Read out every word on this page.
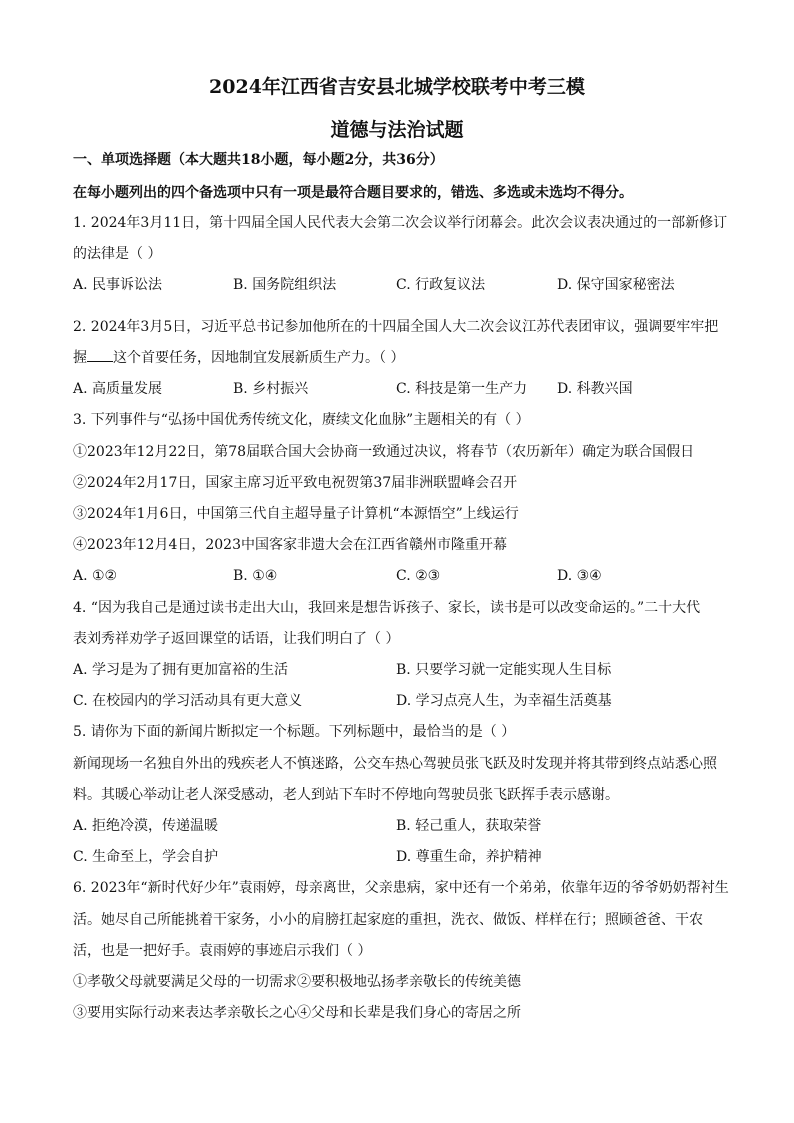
2024年江西省吉安县北城学校联考中考三模
道德与法治试题
一、单项选择题（本大题共18小题，每小题2分，共36分）
在每小题列出的四个备选项中只有一项是最符合题目要求的，错选、多选或未选均不得分。
1. 2024年3月11日，第十四届全国人民代表大会第二次会议举行闭幕会。此次会议表决通过的一部新修订
的法律是（ ）
A. 民事诉讼法	B. 国务院组织法	C. 行政复议法	D. 保守国家秘密法
2. 2024年3月5日，习近平总书记参加他所在的十四届全国人大二次会议江苏代表团审议，强调要牢牢把
握 这个首要任务，因地制宜发展新质生产力。（ ）
A. 高质量发展	B. 乡村振兴	C. 科技是第一生产力 D. 科教兴国
3. 下列事件与“弘扬中国优秀传统文化，赓续文化血脉”主题相关的有（ ）
①2023年12月22日，第78届联合国大会协商一致通过决议，将春节（农历新年）确定为联合国假日
②2024年2月17日，国家主席习近平致电祝贺第37届非洲联盟峰会召开
③2024年1月6日，中国第三代自主超导量子计算机“本源悟空”上线运行
④2023年12月4日，2023中国客家非遗大会在江西省赣州市隆重开幕
A. ①②	B. ①④	C. ②③	D. ③④
4. “因为我自己是通过读书走出大山，我回来是想告诉孩子、家长，读书是可以改变命运的。”二十大代
表刘秀祥劝学子返回课堂的话语，让我们明白了（ ）
A. 学习是为了拥有更加富裕的生活	B. 只要学习就一定能实现人生目标
C. 在校园内的学习活动具有更大意义	D. 学习点亮人生，为幸福生活奠基
5. 请你为下面的新闻片断拟定一个标题。下列标题中，最恰当的是（ ）
新闻现场一名独自外出的残疾老人不慎迷路，公交车热心驾驶员张飞跃及时发现并将其带到终点站悉心照
料。其暖心举动让老人深受感动，老人到站下车时不停地向驾驶员张飞跃挥手表示感谢。
A. 拒绝冷漠，传递温暖	B. 轻己重人，获取荣誉
C. 生命至上，学会自护	D. 尊重生命，养护精神
6. 2023年“新时代好少年”袁雨婷，母亲离世，父亲患病，家中还有一个弟弟，依靠年迈的爷爷奶奶帮衬生
活。她尽自己所能挑着干家务，小小的肩膀扛起家庭的重担，洗衣、做饭、样样在行；照顾爸爸、干农
活，也是一把好手。袁雨婷的事迹启示我们（ ）
①孝敬父母就要满足父母的一切需求②要积极地弘扬孝亲敬长的传统美德
③要用实际行动来表达孝亲敬长之心④父母和长辈是我们身心的寄居之所
